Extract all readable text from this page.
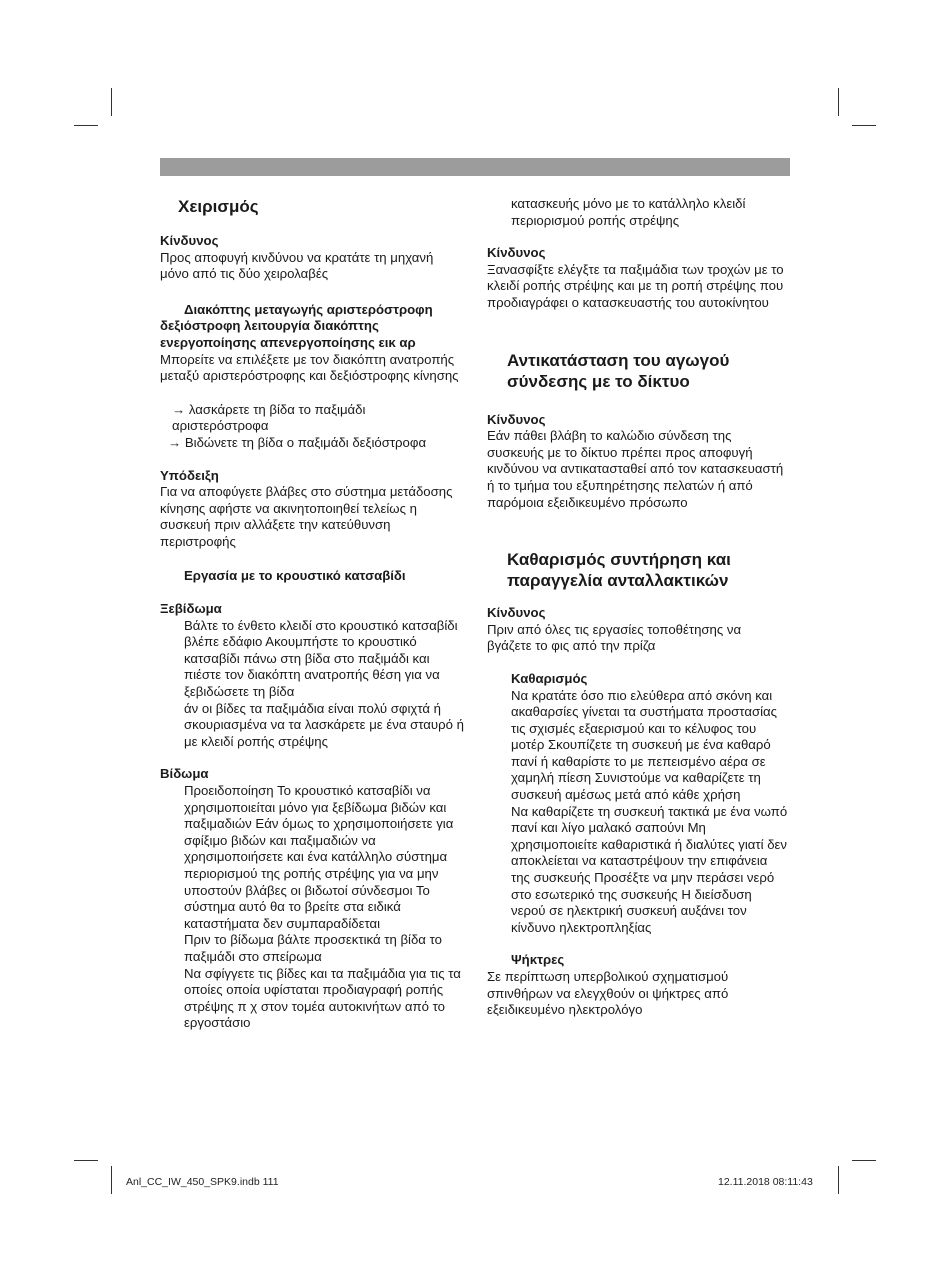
Χειρισμός

Κίνδυνος

Προς αποφυγή κινδύνου να κρατάτε τη μηχανή μόνο από τις δύο χειρολαβές

Διακόπτης μεταγωγής αριστερόστροφη δεξιόστροφη λειτουργία διακόπτης ενεργοποίησης απενεργοποίησης εικ αρ

Μπορείτε να επιλέξετε με τον διακόπτη ανατροπής μεταξύ αριστερόστροφης και δεξιόστροφης κίνησης

→ λασκάρετε τη βίδα το παξιμάδι αριστερόστροφα

→ Βιδώνετε τη βίδα ο παξιμάδι δεξιόστροφα

Υπόδειξη

Για να αποφύγετε βλάβες στο σύστημα μετάδοσης κίνησης αφήστε να ακινητοποιηθεί τελείως η συσκευή πριν αλλάξετε την κατεύθυνση περιστροφής

Εργασία με το κρουστικό κατσαβίδι

Ξεβίδωμα

Βάλτε το ένθετο κλειδί στο κρουστικό κατσαβίδι βλέπε εδάφιο Ακουμπήστε το κρουστικό κατσαβίδι πάνω στη βίδα στο παξιμάδι και πιέστε τον διακόπτη ανατροπής θέση για να ξεβιδώσετε τη βίδα

άν οι βίδες τα παξιμάδια είναι πολύ σφιχτά ή σκουριασμένα να τα λασκάρετε με ένα σταυρό ή με κλειδί ροπής στρέψης

Βίδωμα

Προειδοποίηση Το κρουστικό κατσαβίδι να χρησιμοποιείται μόνο για ξεβίδωμα βιδών και παξιμαδιών Εάν όμως το χρησιμοποιήσετε για σφίξιμο βιδών και παξιμαδιών να χρησιμοποιήσετε και ένα κατάλληλο σύστημα περιορισμού της ροπής στρέψης για να μην υποστούν βλάβες οι βιδωτοί σύνδεσμοι Το σύστημα αυτό θα το βρείτε στα ειδικά καταστήματα δεν συμπαραδίδεται

Πριν το βίδωμα βάλτε προσεκτικά τη βίδα το παξιμάδι στο σπείρωμα

Να σφίγγετε τις βίδες και τα παξιμάδια για τις τα οποίες οποία υφίσταται προδιαγραφή ροπής στρέψης π χ στον τομέα αυτοκινήτων από το εργοστάσιο

κατασκευής μόνο με το κατάλληλο κλειδί περιορισμού ροπής στρέψης

Κίνδυνος

Ξανασφίξτε ελέγξτε τα παξιμάδια των τροχών με το κλειδί ροπής στρέψης και με τη ροπή στρέψης που προδιαγράφει ο κατασκευαστής του αυτοκίνητου

Αντικατάσταση του αγωγού σύνδεσης με το δίκτυο

Κίνδυνος

Εάν πάθει βλάβη το καλώδιο σύνδεση της συσκευής με το δίκτυο πρέπει προς αποφυγή κινδύνου να αντικατασταθεί από τον κατασκευαστή ή το τμήμα του εξυπηρέτησης πελατών ή από παρόμοια εξειδικευμένο πρόσωπο

Καθαρισμός συντήρηση και παραγγελία ανταλλακτικών

Κίνδυνος

Πριν από όλες τις εργασίες τοποθέτησης να βγάζετε το φις από την πρίζα

Καθαρισμός

Να κρατάτε όσο πιο ελεύθερα από σκόνη και ακαθαρσίες γίνεται τα συστήματα προστασίας τις σχισμές εξαερισμού και το κέλυφος του μοτέρ Σκουπίζετε τη συσκευή με ένα καθαρό πανί ή καθαρίστε το με πεπεισμένο αέρα σε χαμηλή πίεση Συνιστούμε να καθαρίζετε τη συσκευή αμέσως μετά από κάθε χρήση

Να καθαρίζετε τη συσκευή τακτικά με ένα νωπό πανί και λίγο μαλακό σαπούνι Μη χρησιμοποιείτε καθαριστικά ή διαλύτες γιατί δεν αποκλείεται να καταστρέψουν την επιφάνεια της συσκευής Προσέξτε να μην περάσει νερό στο εσωτερικό της συσκευής Η διείσδυση νερού σε ηλεκτρική συσκευή αυξάνει τον κίνδυνο ηλεκτροπληξίας

Ψήκτρες

Σε περίπτωση υπερβολικού σχηματισμού σπινθήρων να ελεγχθούν οι ψήκτρες από εξειδικευμένο ηλεκτρολόγο

Anl_CC_IW_450_SPK9.indb 111	12.11.2018 08:11:43
